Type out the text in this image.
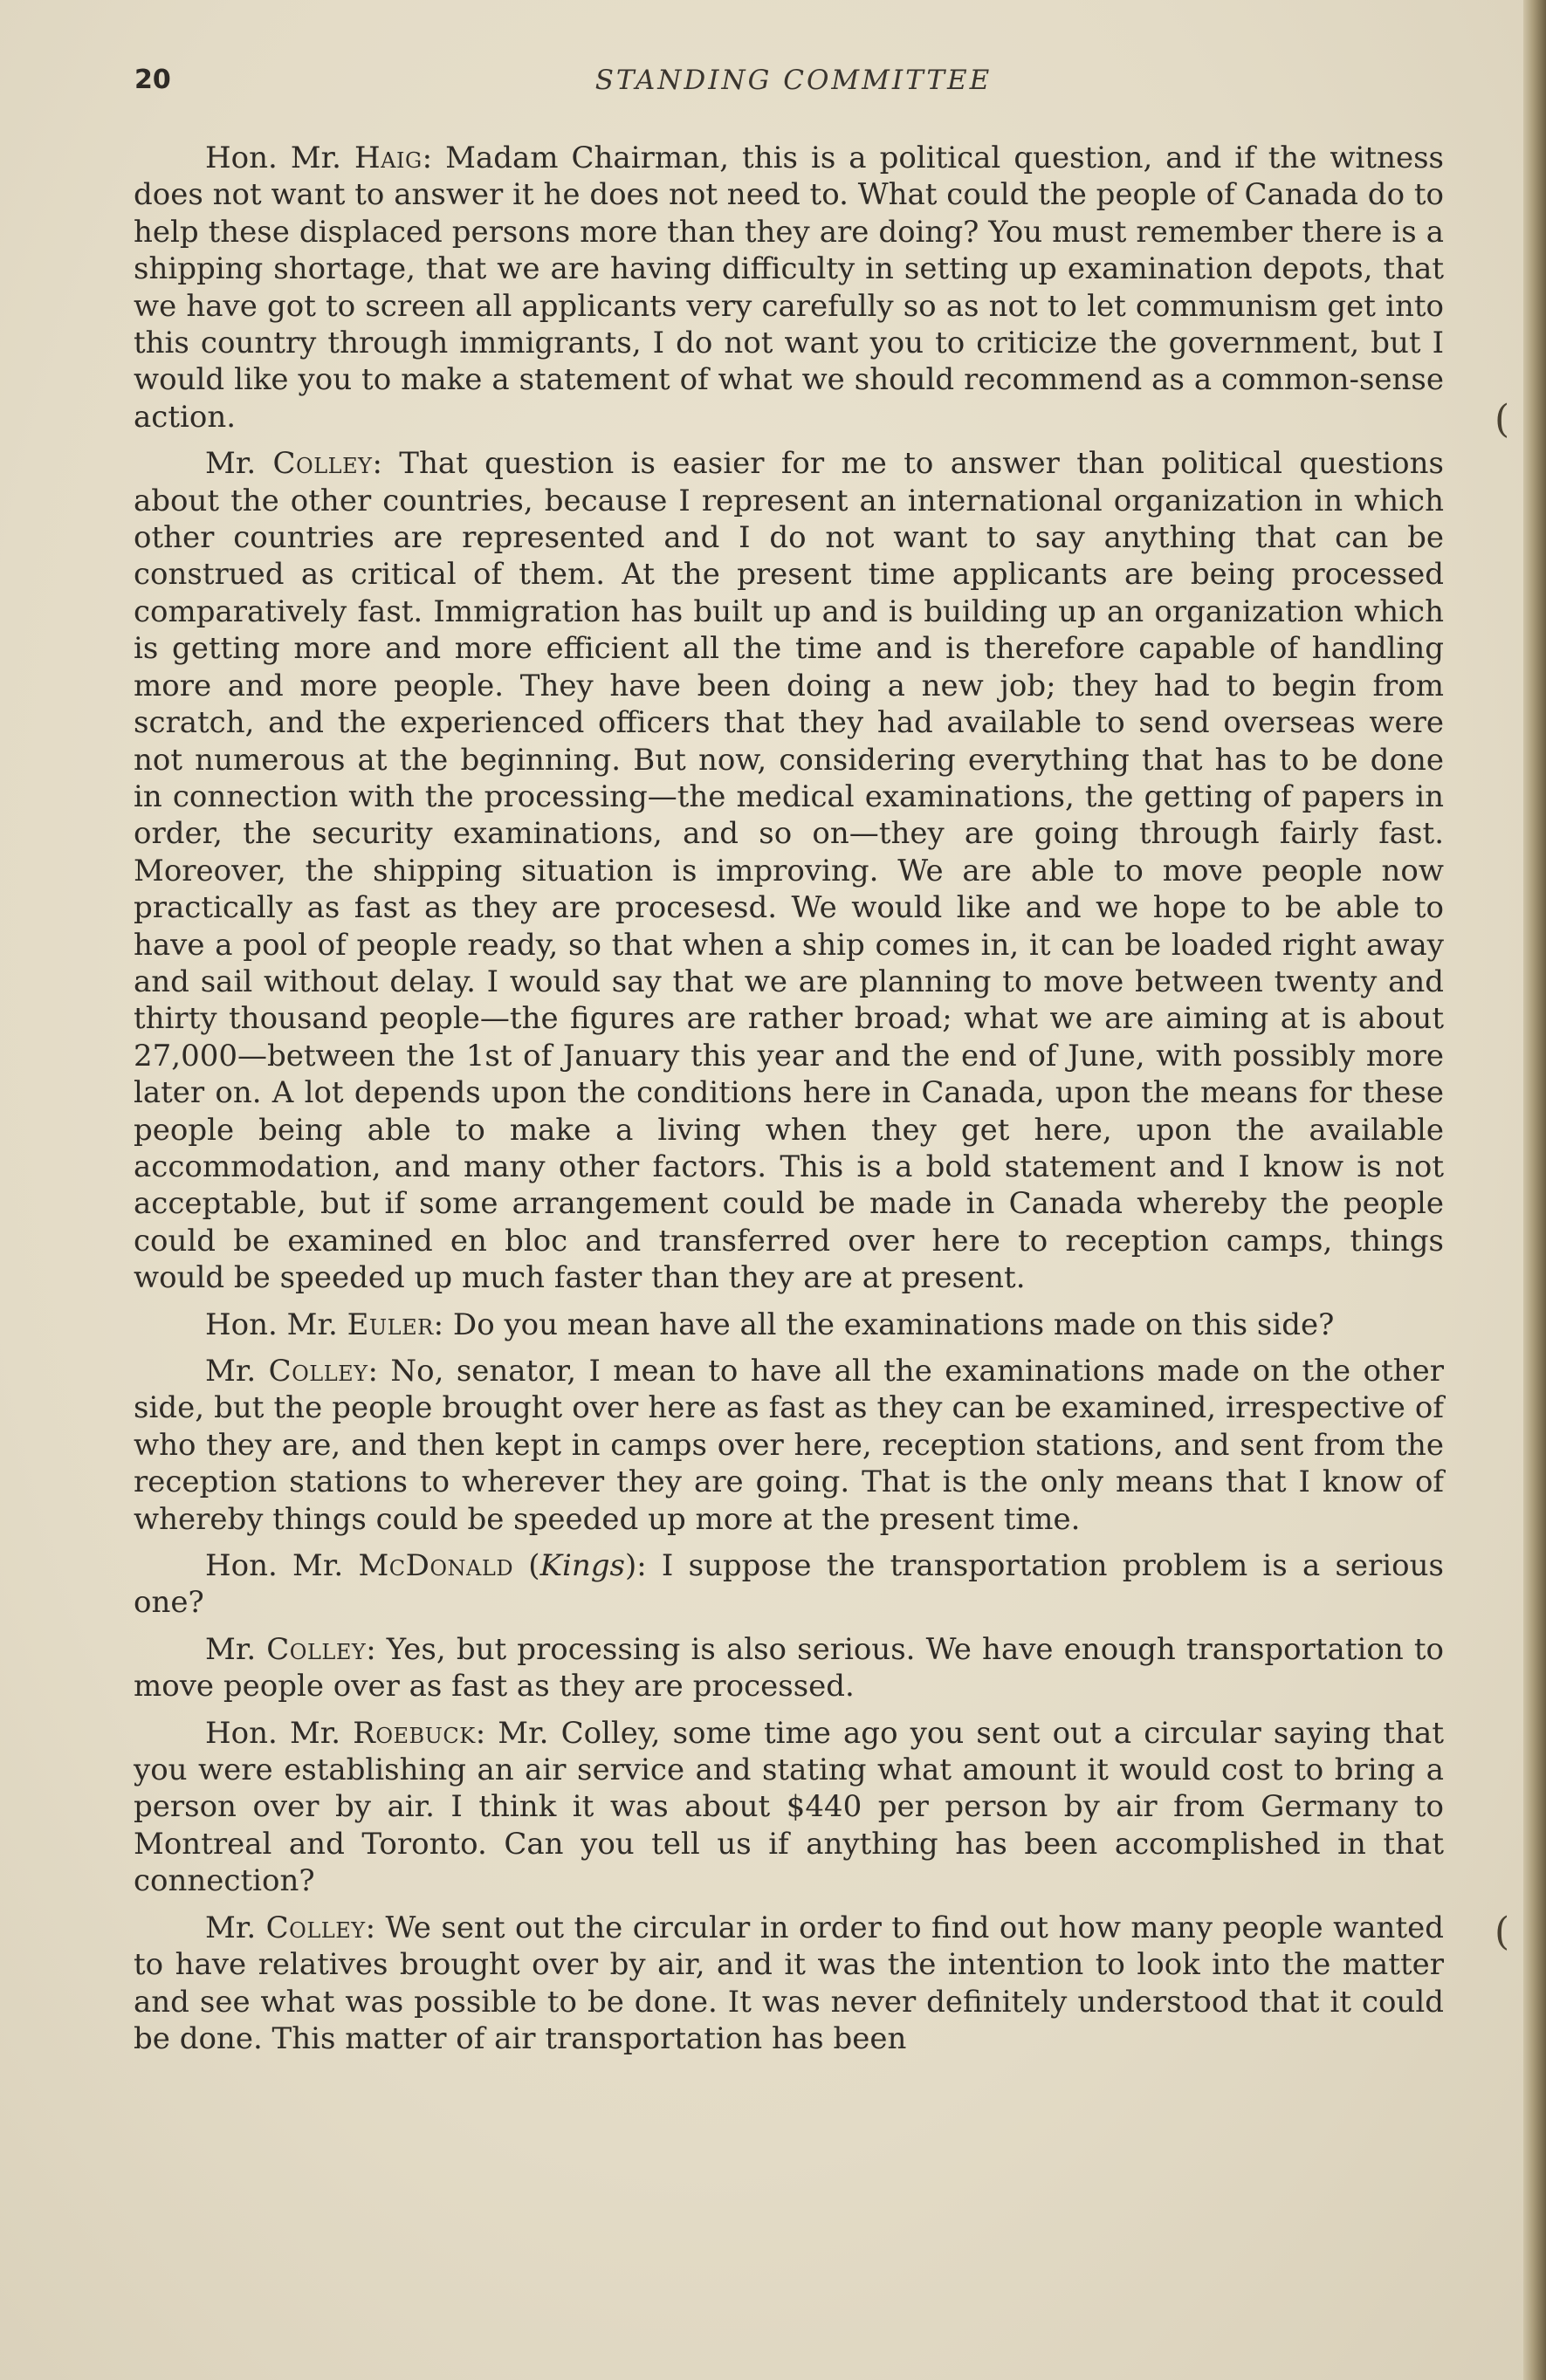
20	STANDING COMMITTEE

Hon. Mr. Haig: Madam Chairman, this is a political question, and if the witness does not want to answer it he does not need to. What could the people of Canada do to help these displaced persons more than they are doing? You must remember there is a shipping shortage, that we are having difficulty in setting up examination depots, that we have got to screen all applicants very carefully so as not to let communism get into this country through immigrants, I do not want you to criticize the government, but I would like you to make a statement of what we should recommend as a common-sense action.

Mr. Colley: That question is easier for me to answer than political questions about the other countries, because I represent an international organization in which other countries are represented and I do not want to say anything that can be construed as critical of them. At the present time applicants are being processed comparatively fast. Immigration has built up and is building up an organization which is getting more and more efficient all the time and is therefore capable of handling more and more people. They have been doing a new job; they had to begin from scratch, and the experienced officers that they had available to send overseas were not numerous at the beginning. But now, considering everything that has to be done in connection with the processing—the medical examinations, the getting of papers in order, the security examinations, and so on—they are going through fairly fast. Moreover, the shipping situation is improving. We are able to move people now practically as fast as they are procesesd. We would like and we hope to be able to have a pool of people ready, so that when a ship comes in, it can be loaded right away and sail without delay. I would say that we are planning to move between twenty and thirty thousand people—the figures are rather broad; what we are aiming at is about 27,000—between the 1st of January this year and the end of June, with possibly more later on. A lot depends upon the conditions here in Canada, upon the means for these people being able to make a living when they get here, upon the available accommodation, and many other factors. This is a bold statement and I know is not acceptable, but if some arrangement could be made in Canada whereby the people could be examined en bloc and transferred over here to reception camps, things would be speeded up much faster than they are at present.

Hon. Mr. Euler: Do you mean have all the examinations made on this side?

Mr. Colley: No, senator, I mean to have all the examinations made on the other side, but the people brought over here as fast as they can be examined, irrespective of who they are, and then kept in camps over here, reception stations, and sent from the reception stations to wherever they are going. That is the only means that I know of whereby things could be speeded up more at the present time.

Hon. Mr. McDonald (Kings): I suppose the transportation problem is a serious one?

Mr. Colley: Yes, but processing is also serious. We have enough transportation to move people over as fast as they are processed.

Hon. Mr. Roebuck: Mr. Colley, some time ago you sent out a circular saying that you were establishing an air service and stating what amount it would cost to bring a person over by air. I think it was about $440 per person by air from Germany to Montreal and Toronto. Can you tell us if anything has been accomplished in that connection?

Mr. Colley: We sent out the circular in order to find out how many people wanted to have relatives brought over by air, and it was the intention to look into the matter and see what was possible to be done. It was never definitely understood that it could be done. This matter of air transportation has been

(
(
